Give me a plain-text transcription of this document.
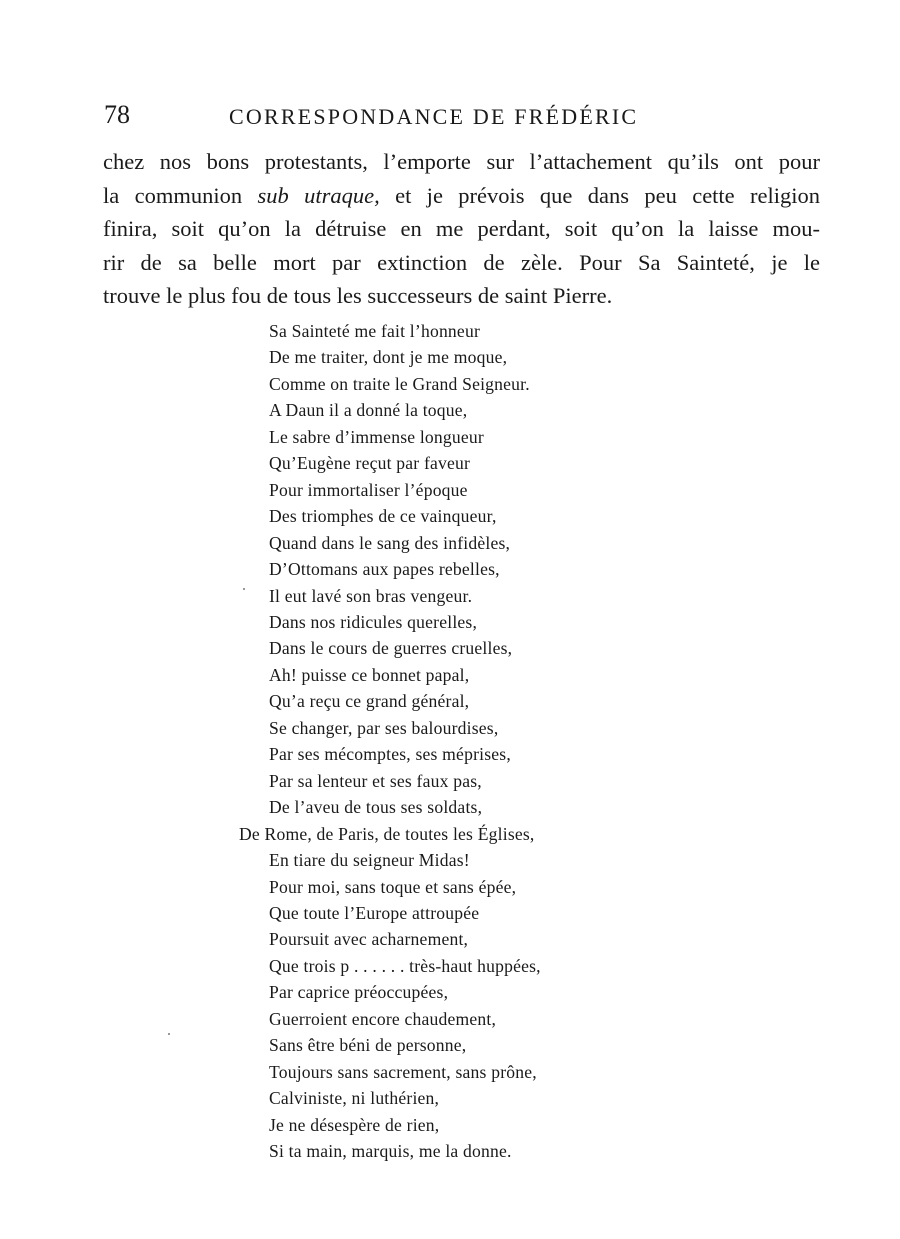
78	CORRESPONDANCE DE FRÉDÉRIC
chez nos bons protestants, l’emporte sur l’attachement qu’ils ont pour
la communion sub utraque, et je prévois que dans peu cette religion
finira, soit qu’on la détruise en me perdant, soit qu’on la laisse mou-
rir de sa belle mort par extinction de zèle. Pour Sa Sainteté, je le
trouve le plus fou de tous les successeurs de saint Pierre.
Sa Sainteté me fait l’honneur
De me traiter, dont je me moque,
Comme on traite le Grand Seigneur.
A Daun il a donné la toque,
Le sabre d’immense longueur
Qu’Eugène reçut par faveur
Pour immortaliser l’époque
Des triomphes de ce vainqueur,
Quand dans le sang des infidèles,
D’Ottomans aux papes rebelles,
Il eut lavé son bras vengeur.
Dans nos ridicules querelles,
Dans le cours de guerres cruelles,
Ah! puisse ce bonnet papal,
Qu’a reçu ce grand général,
Se changer, par ses balourdises,
Par ses mécomptes, ses méprises,
Par sa lenteur et ses faux pas,
De l’aveu de tous ses soldats,
De Rome, de Paris, de toutes les Églises,
En tiare du seigneur Midas!
Pour moi, sans toque et sans épée,
Que toute l’Europe attroupée
Poursuit avec acharnement,
Que trois p . . . . . . très-haut huppées,
Par caprice préoccupées,
Guerroient encore chaudement,
Sans être béni de personne,
Toujours sans sacrement, sans prône,
Calviniste, ni luthérien,
Je ne désespère de rien,
Si ta main, marquis, me la donne.
